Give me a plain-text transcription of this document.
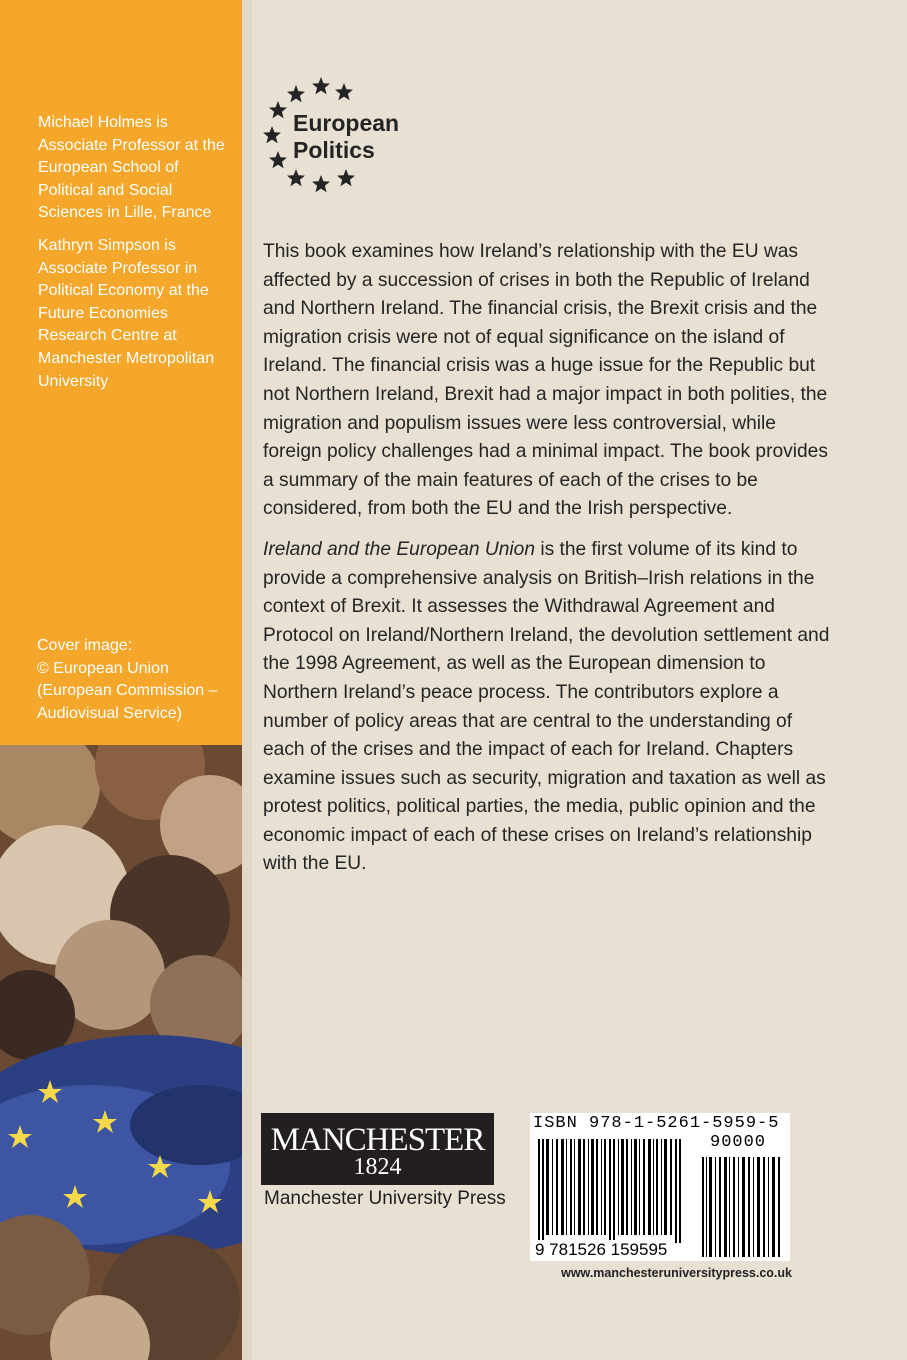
Michael Holmes is Associate Professor at the European School of Political and Social Sciences in Lille, France
Kathryn Simpson is Associate Professor in Political Economy at the Future Economies Research Centre at Manchester Metropolitan University
Cover image:
© European Union
(European Commission –
Audiovisual Service)
European
Politics

This book examines how Ireland’s relationship with the EU was affected by a succession of crises in both the Republic of Ireland and Northern Ireland. The financial crisis, the Brexit crisis and the migration crisis were not of equal significance on the island of Ireland. The financial crisis was a huge issue for the Republic but not Northern Ireland, Brexit had a major impact in both polities, the migration and populism issues were less controversial, while foreign policy challenges had a minimal impact. The book provides a summary of the main features of each of the crises to be considered, from both the EU and the Irish perspective.

Ireland and the European Union is the first volume of its kind to provide a comprehensive analysis on British–Irish relations in the context of Brexit. It assesses the Withdrawal Agreement and Protocol on Ireland/Northern Ireland, the devolution settlement and the 1998 Agreement, as well as the European dimension to Northern Ireland’s peace process. The contributors explore a number of policy areas that are central to the understanding of each of the crises and the impact of each for Ireland. Chapters examine issues such as security, migration and taxation as well as protest politics, political parties, the media, public opinion and the economic impact of each of these crises on Ireland’s relationship with the EU.

MANCHESTER
1824
Manchester University Press
ISBN 978-1-5261-5959-5
90000
9 781526 159595
www.manchesteruniversitypress.co.uk
